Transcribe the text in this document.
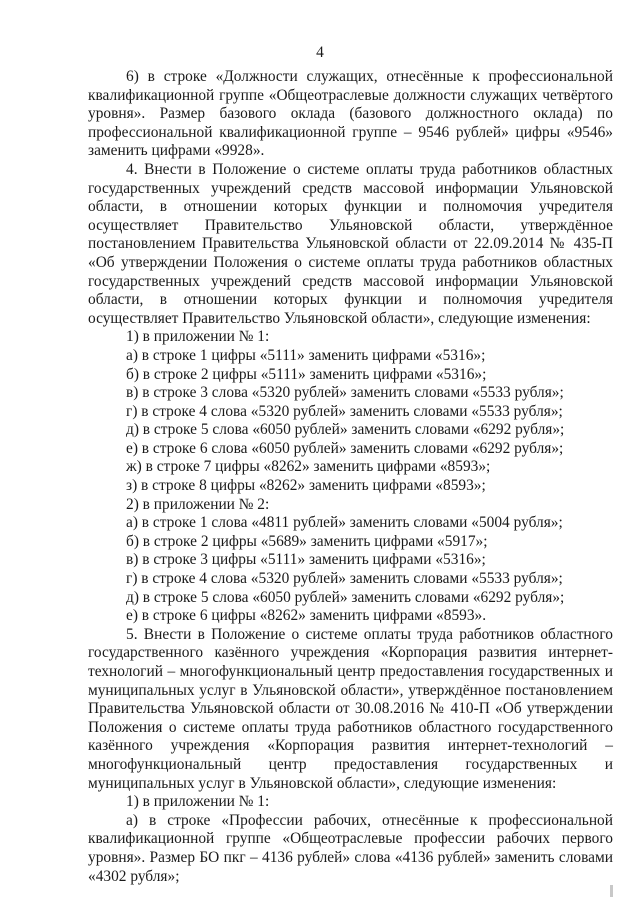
4

6) в строке «Должности служащих, отнесённые к профессиональной квалификационной группе «Общеотраслевые должности служащих четвёртого уровня». Размер базового оклада (базового должностного оклада) по профессиональной квалификационной группе – 9546 рублей» цифры «9546» заменить цифрами «9928».

4. Внести в Положение о системе оплаты труда работников областных государственных учреждений средств массовой информации Ульяновской области, в отношении которых функции и полномочия учредителя осуществляет Правительство Ульяновской области, утверждённое постановлением Правительства Ульяновской области от 22.09.2014 № 435-П «Об утверждении Положения о системе оплаты труда работников областных государственных учреждений средств массовой информации Ульяновской области, в отношении которых функции и полномочия учредителя осуществляет Правительство Ульяновской области», следующие изменения:

1) в приложении № 1:

а) в строке 1 цифры «5111» заменить цифрами «5316»;

б) в строке 2 цифры «5111» заменить цифрами «5316»;

в) в строке 3 слова «5320 рублей» заменить словами «5533 рубля»;

г) в строке 4 слова «5320 рублей» заменить словами «5533 рубля»;

д) в строке 5 слова «6050 рублей» заменить словами «6292 рубля»;

е) в строке 6 слова «6050 рублей» заменить словами «6292 рубля»;

ж) в строке 7 цифры «8262» заменить цифрами «8593»;

з) в строке 8 цифры «8262» заменить цифрами «8593»;

2) в приложении № 2:

а) в строке 1 слова «4811 рублей» заменить словами «5004 рубля»;

б) в строке 2 цифры «5689» заменить цифрами «5917»;

в) в строке 3 цифры «5111» заменить цифрами «5316»;

г) в строке 4 слова «5320 рублей» заменить словами «5533 рубля»;

д) в строке 5 слова «6050 рублей» заменить словами «6292 рубля»;

е) в строке 6 цифры «8262» заменить цифрами «8593».

5. Внести в Положение о системе оплаты труда работников областного государственного казённого учреждения «Корпорация развития интернет-технологий – многофункциональный центр предоставления государственных и муниципальных услуг в Ульяновской области», утверждённое постановлением Правительства Ульяновской области от 30.08.2016 № 410-П «Об утверждении Положения о системе оплаты труда работников областного государственного казённого учреждения «Корпорация развития интернет-технологий – многофункциональный центр предоставления государственных и муниципальных услуг в Ульяновской области», следующие изменения:

1) в приложении № 1:

а) в строке «Профессии рабочих, отнесённые к профессиональной квалификационной группе «Общеотраслевые профессии рабочих первого уровня». Размер БО пкг – 4136 рублей» слова «4136 рублей» заменить словами «4302 рубля»;
